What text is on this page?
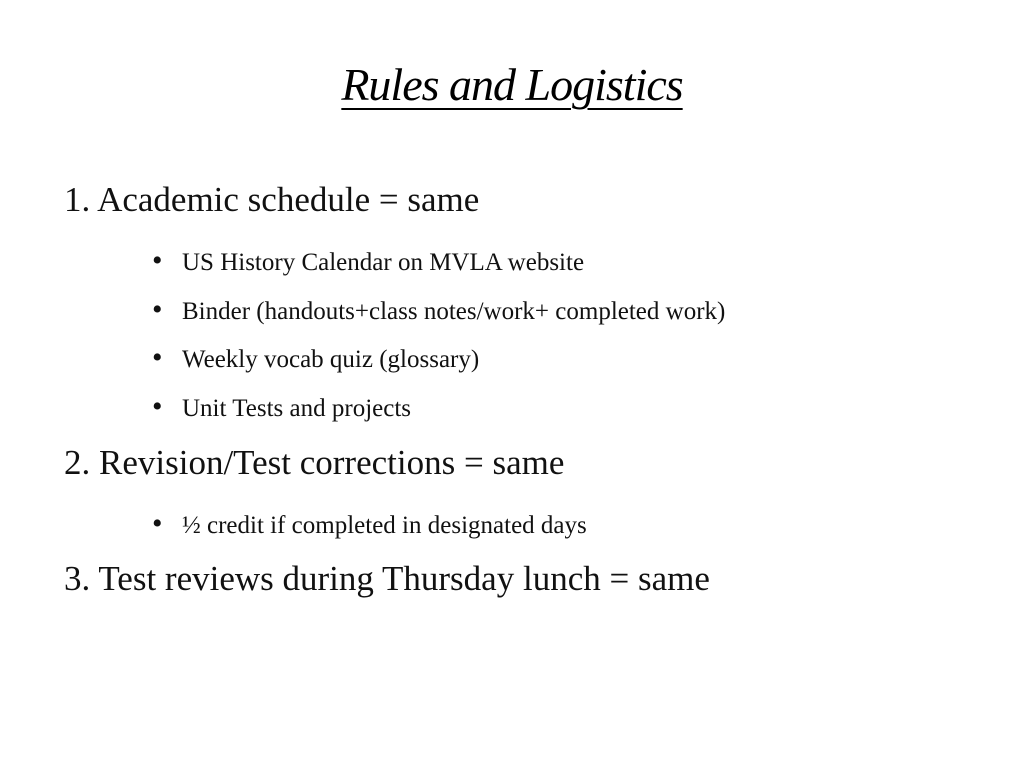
Rules and Logistics
1. Academic schedule = same
• US History Calendar on MVLA website
• Binder (handouts+class notes/work+ completed work)
• Weekly vocab quiz (glossary)
• Unit Tests and projects
2. Revision/Test corrections = same
• ½ credit if completed in designated days
3. Test reviews during Thursday lunch = same
